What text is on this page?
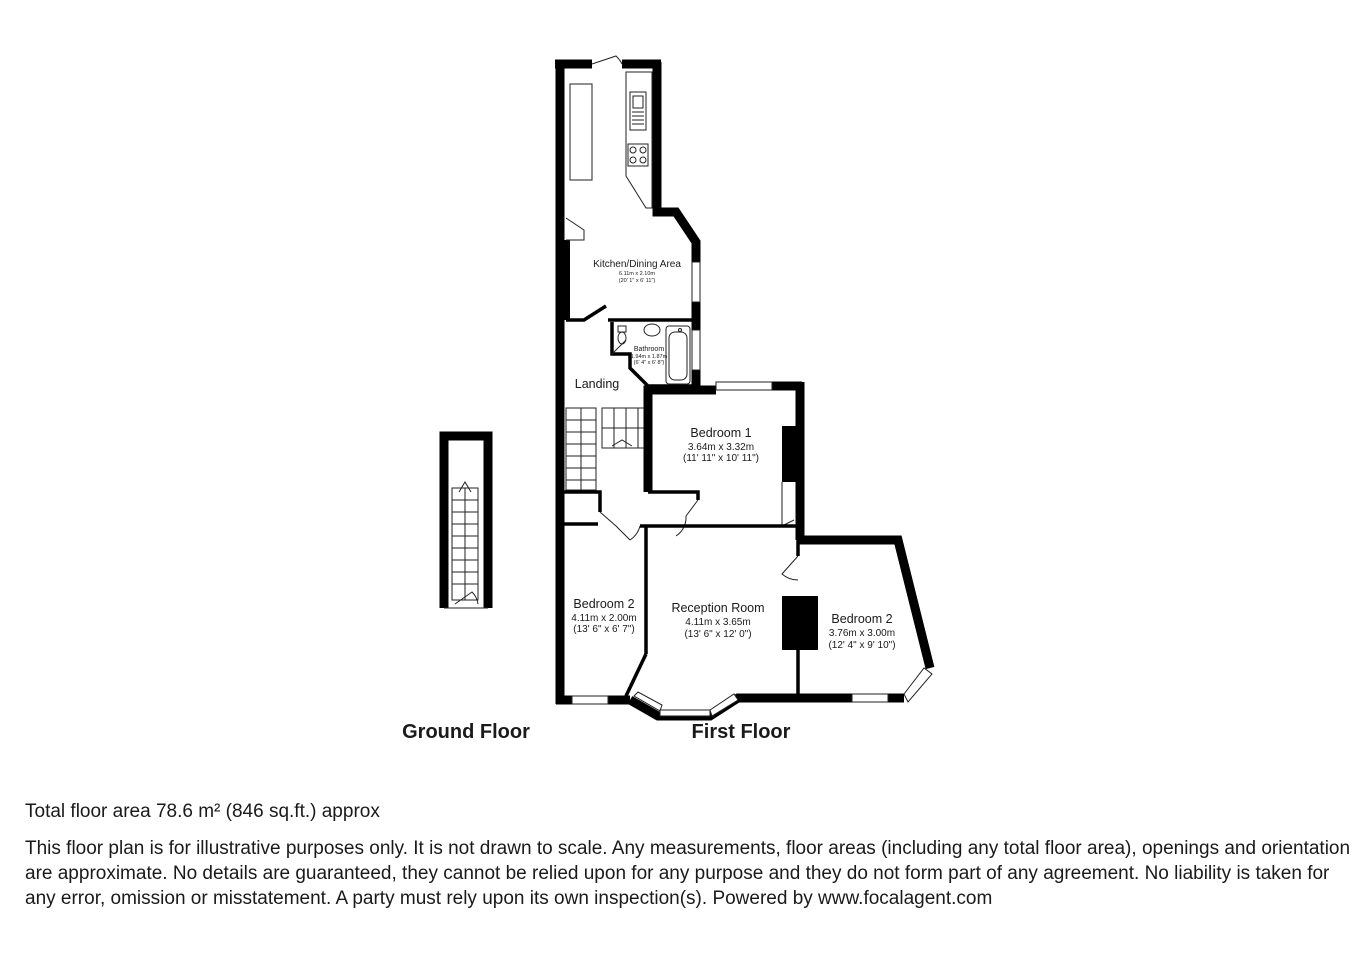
Ground Floor	First Floor
Kitchen/Dining Area
6.11m x 2.10m
(20' 1" x 6' 11")
Bathroom
1.94m x 1.87m
(6' 4" x 6' 8")
Landing
Bedroom 1
3.64m x 3.32m
(11' 11" x 10' 11")
Bedroom 2
4.11m x 2.00m
(13' 6" x 6' 7")
Reception Room
4.11m x 3.65m
(13' 6" x 12' 0")
Bedroom 2
3.76m x 3.00m
(12' 4" x 9' 10")

Total floor area 78.6 m² (846 sq.ft.) approx

This floor plan is for illustrative purposes only. It is not drawn to scale. Any measurements, floor areas (including any total floor area), openings and orientation are approximate. No details are guaranteed, they cannot be relied upon for any purpose and they do not form part of any agreement. No liability is taken for any error, omission or misstatement. A party must rely upon its own inspection(s). Powered by www.focalagent.com
